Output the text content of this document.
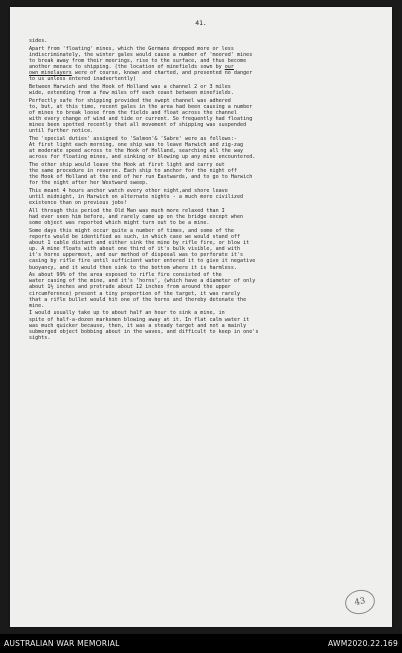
41.

sides.

Apart from 'floating' mines, which the Germans dropped more or less

indiscriminately, the winter gales would cause a number of 'moored' mines

to break away from their moorings, rise to the surface, and thus become

another menace to shipping. (the location of minefields sown by our

own minelayers were of course, known and charted, and presented no danger

to us unless entered inadvertently)

Between Harwich and the Hook of Holland was a channel 2 or 3 miles

wide, extending from a few miles off each coast between minefields.

Perfectly safe for shipping provided the swept channel was adhered

to, but, at this time, recent gales in the area had been causing a number

of mines to break loose from the fields and float across the channel

with every change of wind and tide or current. So frequently had floating

mines been spotted recently that all movement of shipping was suspended

until further notice.

The 'special duties' assigned to 'Salmon'& 'Sabre' were as follows:-

At first light each morning, one ship was to leave Harwich and zig-zag

at moderate speed across to the Hook of Holland, searching all the way

across for floating mines, and sinking or blowing up any mine encountered.

The other ship would leave the Hook at first light and carry out

the same procedure in reverse. Each ship to anchor for the night off

the Hook of Holland at the end of her run Eastwards, and to go to Harwich

for the night after her Westward sweep.

This meant 4 hours anchor watch every other night,and shore leave

until midnight, in Harwich on alternate nights - a much more civilized

existence than on previous jobs!

All through this period the Old Man was much more relaxed than I

had ever seen him before, and rarely came up on the bridge except when

some object was reported which might turn out to be a mine.

Some days this might occur quite a number of times, and some of the

reports would be identified as such, in which case we would stand off

about 1 cable distant and either sink the mine by rifle fire, or blow it

up. A mine floats with about one third of it's bulk visible, and with

it's horns uppermost, and our method of disposal was to perforate it's

casing by rifle fire until sufficient water entered it to give it negative

buoyancy, and it would then sink to the bottom where it is harmless.

As about 99% of the area exposed to rifle fire consisted of the

water casing of the mine, and it's 'horns', (which have a diameter of only

about 1½ inches and protrude about 12 inches from around the upper

circumference) present a tiny proportion of the target, it was rarely

that a rifle bullet would hit one of the horns and thereby detonate the

mine.

I would usually take up to about half an hour to sink a mine, in

spite of half-a-dozen marksmen blowing away at it. In flat calm water it

was much quicker because, then, it was a steady target and not a mainly

submerged object bobbing about in the waves, and difficult to keep in one's

sights.

43
AUSTRALIAN WAR MEMORIAL	AWM2020.22.169
